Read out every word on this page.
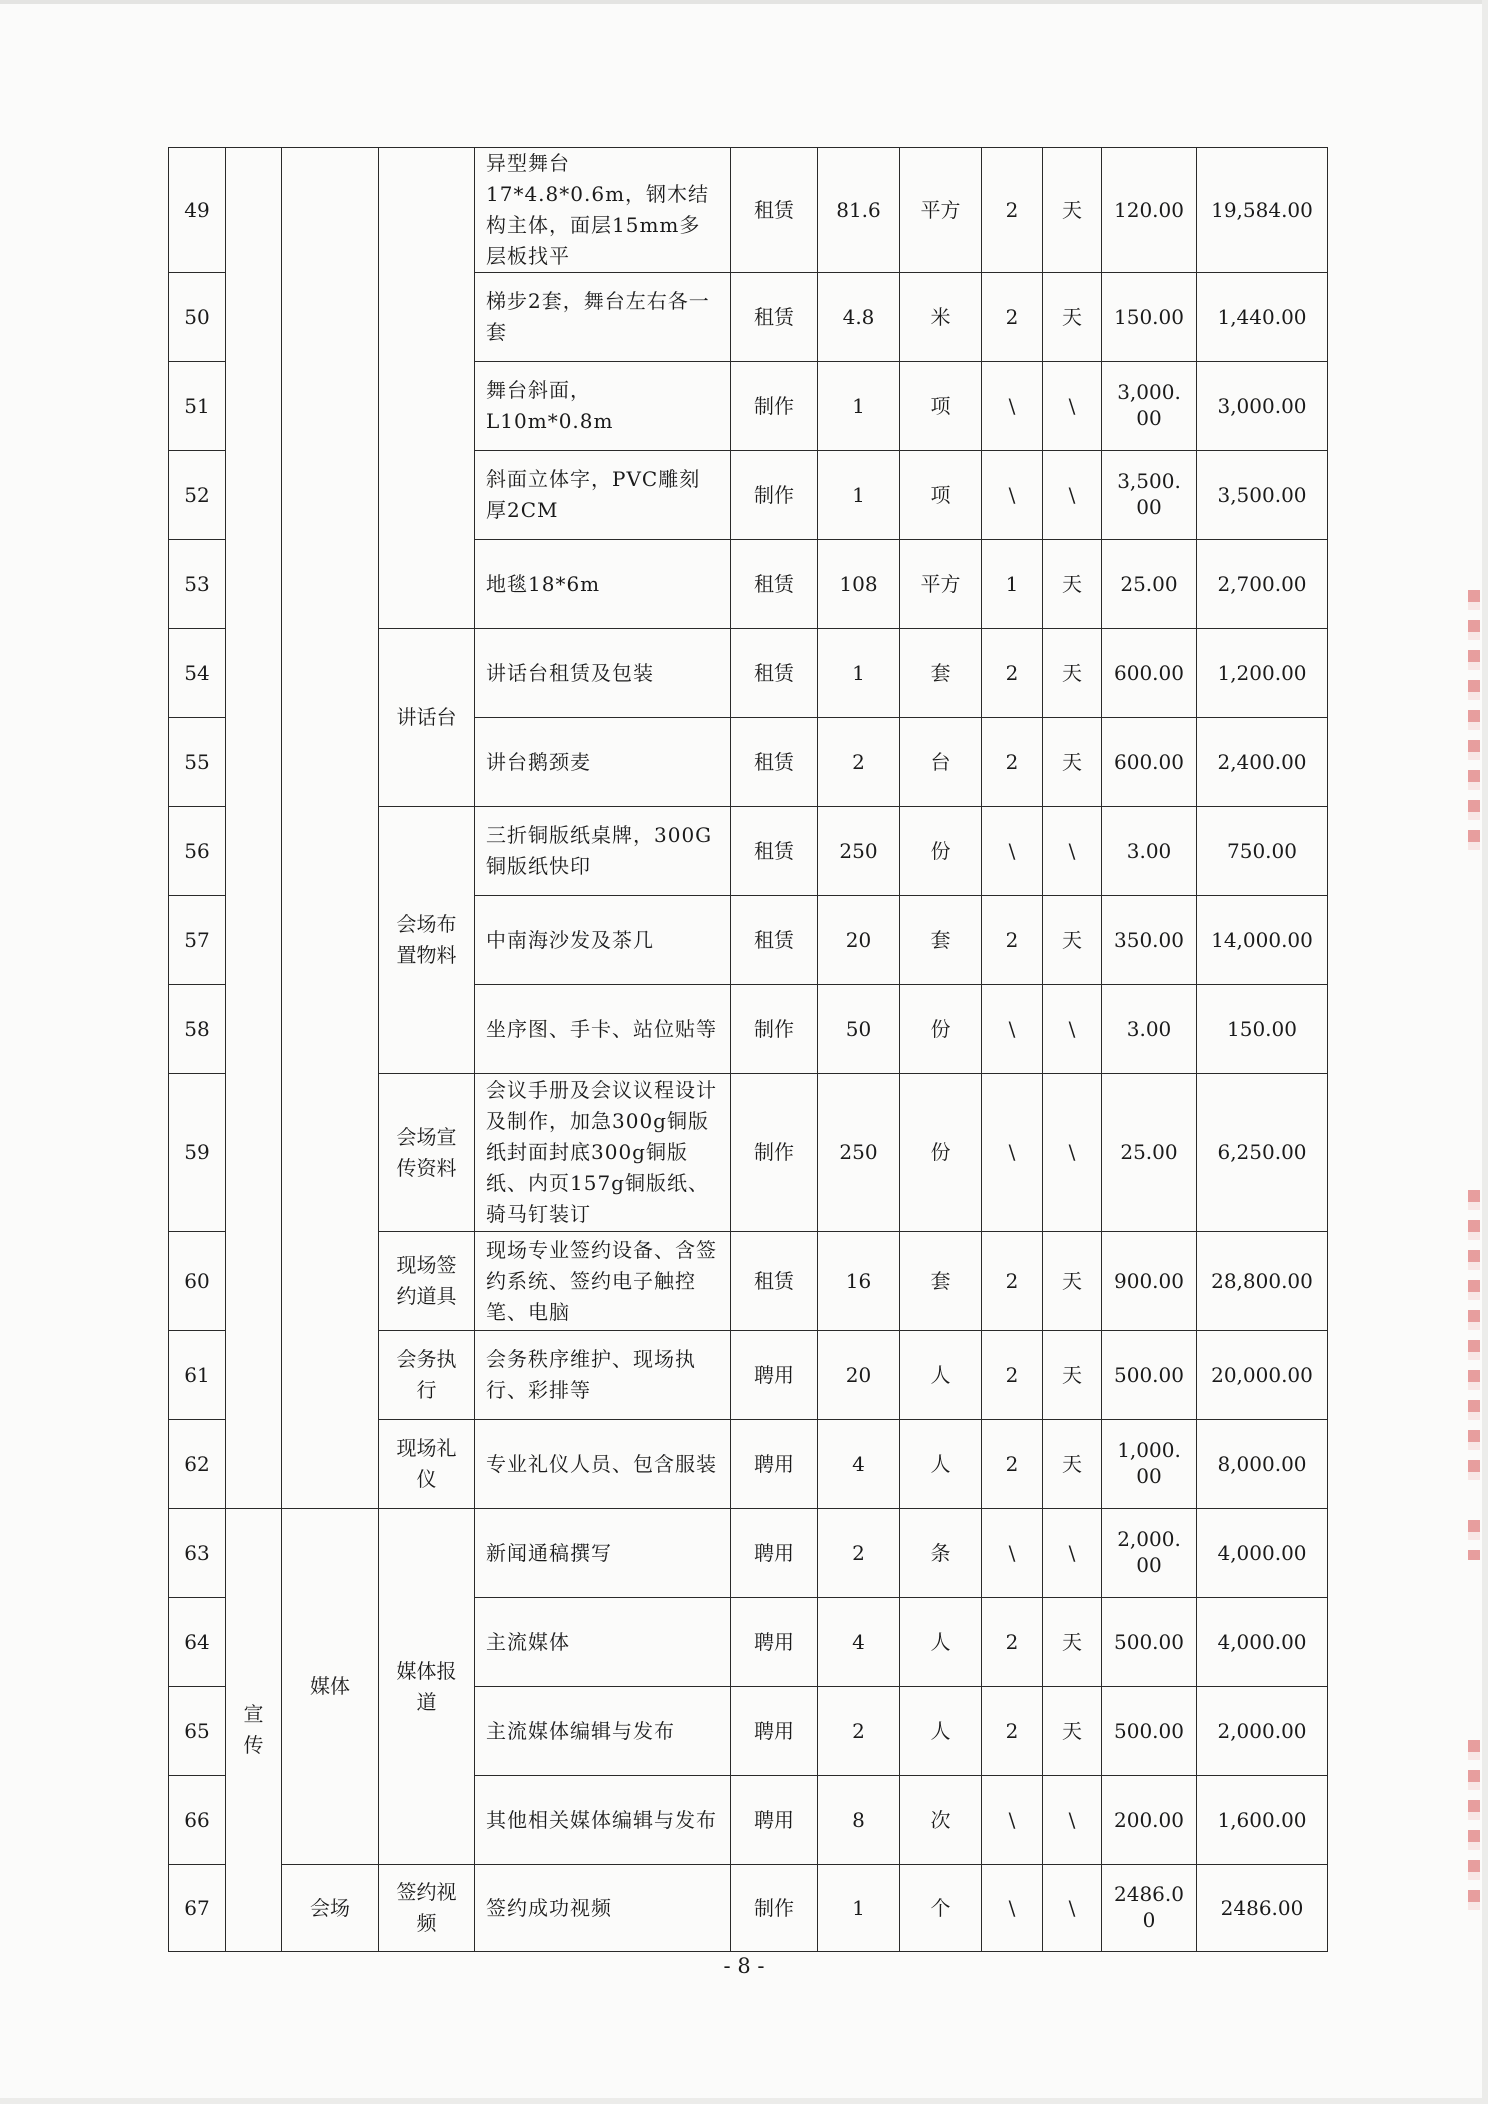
49				异型舞台17*4.8*0.6m，钢木结构主体，面层15mm多层板找平	租赁	81.6	平方	2	天	120.00	19,584.00
50				梯步2套，舞台左右各一套	租赁	4.8	米	2	天	150.00	1,440.00
51				舞台斜面，L10m*0.8m	制作	1	项	\	\	3,000.00	3,000.00
52				斜面立体字，PVC雕刻厚2CM	制作	1	项	\	\	3,500.00	3,500.00
53				地毯18*6m	租赁	108	平方	1	天	25.00	2,700.00
54			讲话台	讲话台租赁及包装	租赁	1	套	2	天	600.00	1,200.00
55				讲台鹅颈麦	租赁	2	台	2	天	600.00	2,400.00
56			会场布置物料	三折铜版纸桌牌，300G铜版纸快印	租赁	250	份	\	\	3.00	750.00
57				中南海沙发及茶几	租赁	20	套	2	天	350.00	14,000.00
58				坐序图、手卡、站位贴等	制作	50	份	\	\	3.00	150.00
59			会场宣传资料	会议手册及会议议程设计及制作，加急300g铜版纸封面封底300g铜版纸、内页157g铜版纸、骑马钉装订	制作	250	份	\	\	25.00	6,250.00
60			现场签约道具	现场专业签约设备、含签约系统、签约电子触控笔、电脑	租赁	16	套	2	天	900.00	28,800.00
61			会务执行	会务秩序维护、现场执行、彩排等	聘用	20	人	2	天	500.00	20,000.00
62			现场礼仪	专业礼仪人员、包含服装	聘用	4	人	2	天	1,000.00	8,000.00
63	宣传	媒体	媒体报道	新闻通稿撰写	聘用	2	条	\	\	2,000.00	4,000.00
64				主流媒体	聘用	4	人	2	天	500.00	4,000.00
65				主流媒体编辑与发布	聘用	2	人	2	天	500.00	2,000.00
66				其他相关媒体编辑与发布	聘用	8	次	\	\	200.00	1,600.00
67		会场	签约视频	签约成功视频	制作	1	个	\	\	2486.00	2486.00
- 8 -
